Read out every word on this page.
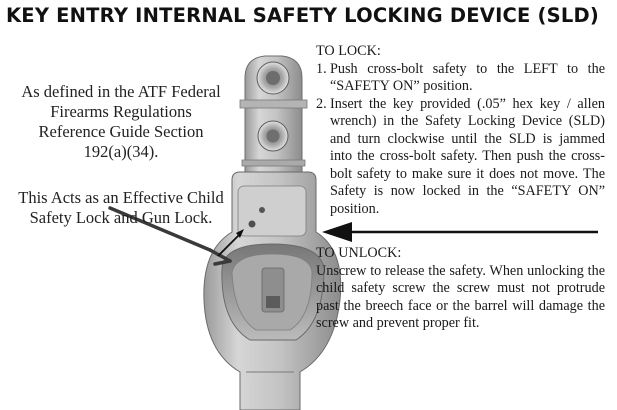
KEY ENTRY INTERNAL SAFETY LOCKING DEVICE (SLD)
As defined in the ATF Federal Firearms Regulations Reference Guide Section 192(a)(34).
This Acts as an Effective Child Safety Lock and Gun Lock.
TO LOCK:
1. Push cross-bolt safety to the LEFT to the “SAFETY ON” position.
2. Insert the key provided (.05” hex key / allen wrench) in the Safety Locking Device (SLD) and turn clockwise until the SLD is jammed into the cross-bolt safety. Then push the cross-bolt safety to make sure it does not move. The Safety is now locked in the “SAFETY ON” position.
TO UNLOCK:
Unscrew to release the safety. When unlocking the child safety screw the screw must not protrude past the breech face or the barrel will damage the screw and prevent proper fit.
